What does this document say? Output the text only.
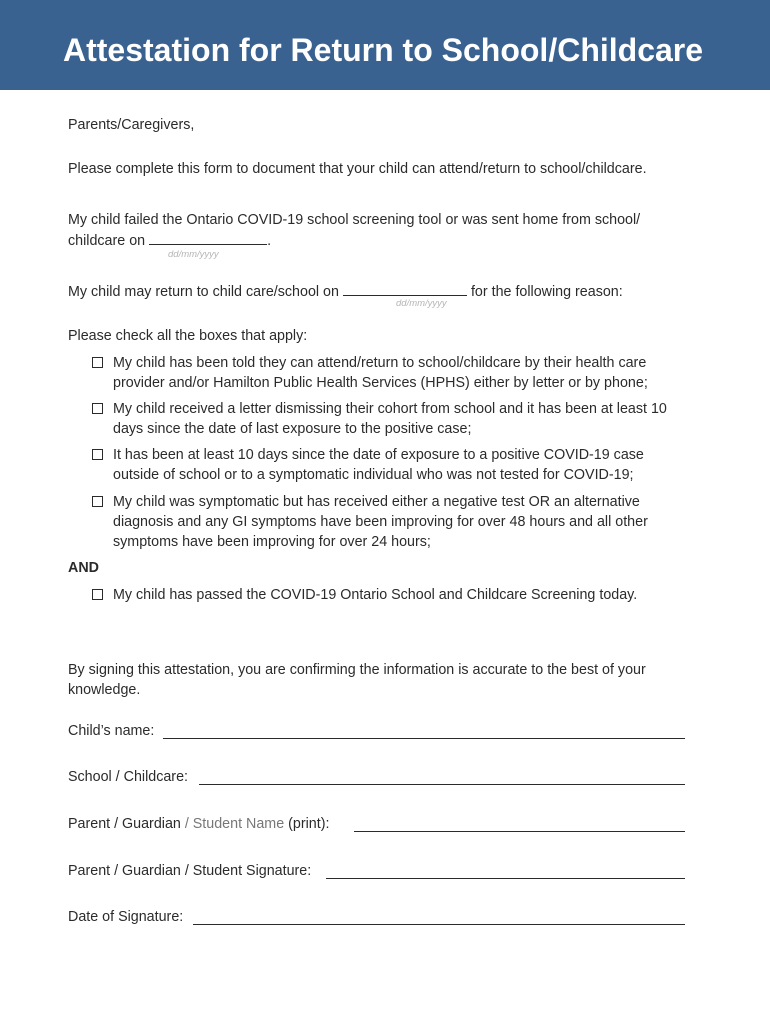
Attestation for Return to School/Childcare
Parents/Caregivers,
Please complete this form to document that your child can attend/return to school/childcare.
My child failed the Ontario COVID-19 school screening tool or was sent home from school/
childcare on	.
dd/mm/yyyy
My child may return to child care/school on	for the following reason:
dd/mm/yyyy
Please check all the boxes that apply:
My child has been told they can attend/return to school/childcare by their health care
provider and/or Hamilton Public Health Services (HPHS) either by letter or by phone;
My child received a letter dismissing their cohort from school and it has been at least 10
days since the date of last exposure to the positive case;
It has been at least 10 days since the date of exposure to a positive COVID-19 case
outside of school or to a symptomatic individual who was not tested for COVID-19;
My child was symptomatic but has received either a negative test OR an alternative
diagnosis and any GI symptoms have been improving for over 48 hours and all other
symptoms have been improving for over 24 hours;
AND
My child has passed the COVID-19 Ontario School and Childcare Screening today.
By signing this attestation, you are confirming the information is accurate to the best of your
knowledge.
Child’s name:
School / Childcare:
Parent / Guardian / Student Name (print):
Parent / Guardian / Student Signature:
Date of Signature:
